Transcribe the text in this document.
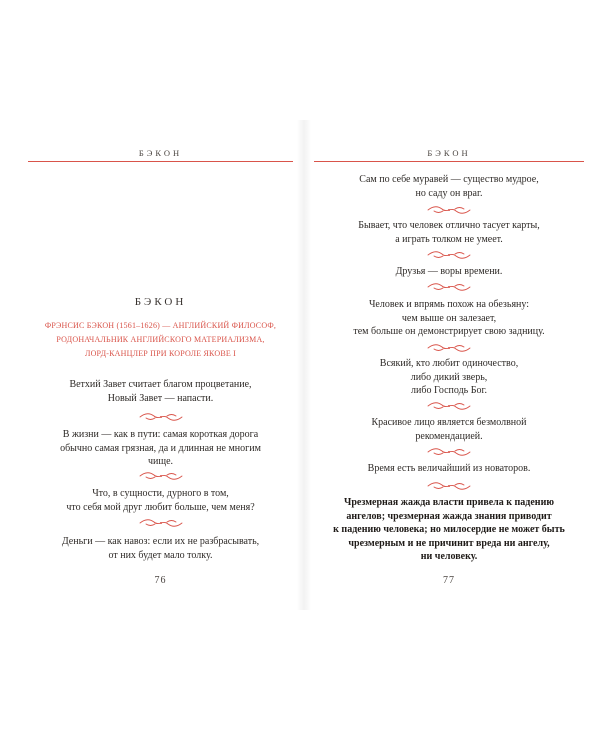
БЭКОН
БЭКОН
ФРЭНСИС БЭКОН (1561–1626) — АНГЛИЙСКИЙ ФИЛОСОФ,
РОДОНАЧАЛЬНИК АНГЛИЙСКОГО МАТЕРИАЛИЗМА,
ЛОРД-КАНЦЛЕР ПРИ КОРОЛЕ ЯКОВЕ I
Ветхий Завет считает благом процветание,
Новый Завет — напасти.
В жизни — как в пути: самая короткая дорога
обычно самая грязная, да и длинная не многим
чище.
Что, в сущности, дурного в том,
что себя мой друг любит больше, чем меня?
Деньги — как навоз: если их не разбрасывать,
от них будет мало толку.
76
БЭКОН
Сам по себе муравей — существо мудрое,
но саду он враг.
Бывает, что человек отлично тасует карты,
а играть толком не умеет.
Друзья — воры времени.
Человек и впрямь похож на обезьяну:
чем выше он залезает,
тем больше он демонстрирует свою задницу.
Всякий, кто любит одиночество,
либо дикий зверь,
либо Господь Бог.
Красивое лицо является безмолвной
рекомендацией.
Время есть величайший из новаторов.
Чрезмерная жажда власти привела к падению
ангелов; чрезмерная жажда знания приводит
к падению человека; но милосердие не может быть
чрезмерным и не причинит вреда ни ангелу,
ни человеку.
77
